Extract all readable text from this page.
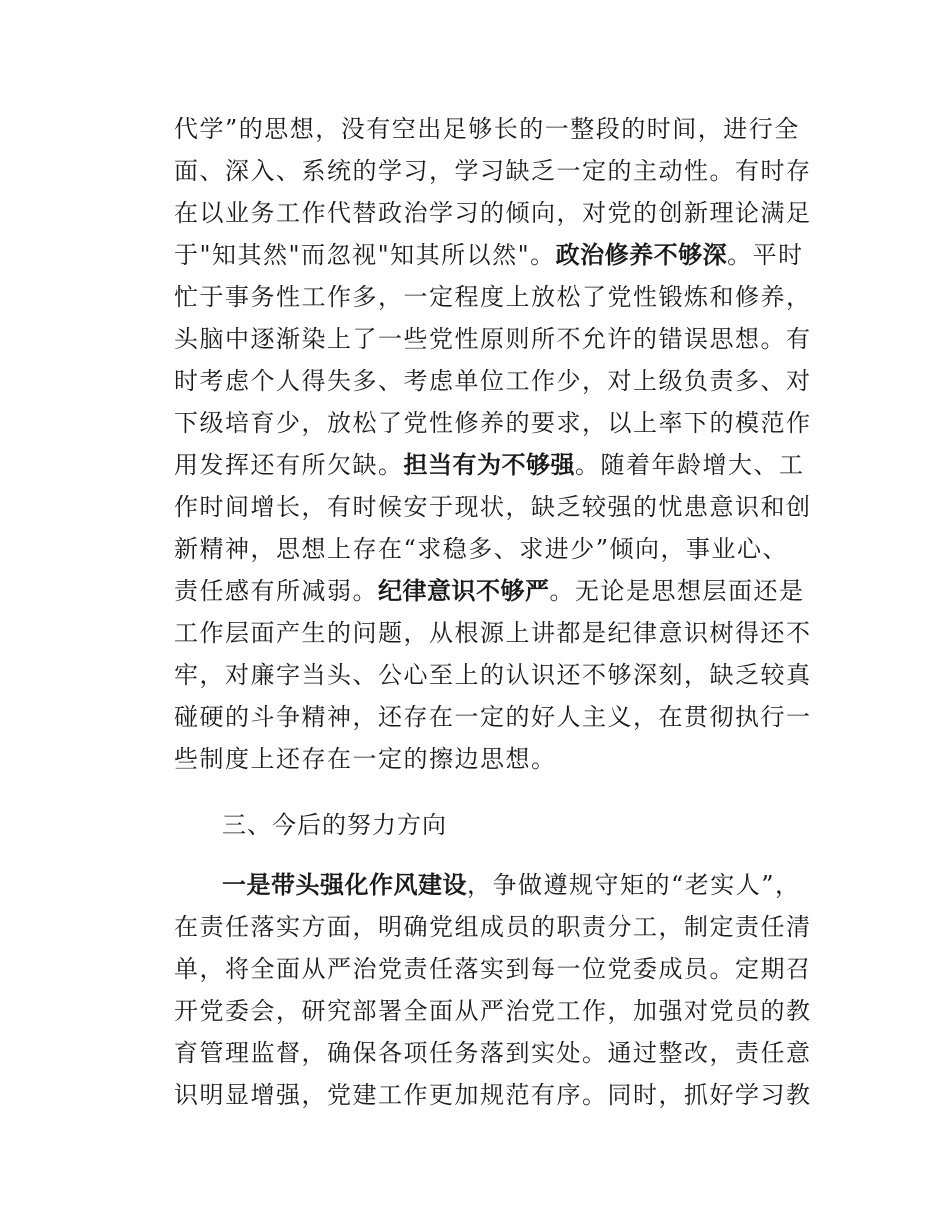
代学”的思想，没有空出足够长的一整段的时间，进行全
面、深入、系统的学习，学习缺乏一定的主动性。有时存
在以业务工作代替政治学习的倾向，对党的创新理论满足
于"知其然"而忽视"知其所以然"。政治修养不够深。平时
忙于事务性工作多，一定程度上放松了党性锻炼和修养，
头脑中逐渐染上了一些党性原则所不允许的错误思想。有
时考虑个人得失多、考虑单位工作少，对上级负责多、对
下级培育少，放松了党性修养的要求，以上率下的模范作
用发挥还有所欠缺。担当有为不够强。随着年龄增大、工
作时间增长，有时候安于现状，缺乏较强的忧患意识和创
新精神，思想上存在“求稳多、求进少”倾向，事业心、
责任感有所减弱。纪律意识不够严。无论是思想层面还是
工作层面产生的问题，从根源上讲都是纪律意识树得还不
牢，对廉字当头、公心至上的认识还不够深刻，缺乏较真
碰硬的斗争精神，还存在一定的好人主义，在贯彻执行一
些制度上还存在一定的擦边思想。
三、今后的努力方向
一是带头强化作风建设，争做遵规守矩的“老实人”，
在责任落实方面，明确党组成员的职责分工，制定责任清
单，将全面从严治党责任落实到每一位党委成员。定期召
开党委会，研究部署全面从严治党工作，加强对党员的教
育管理监督，确保各项任务落到实处。通过整改，责任意
识明显增强，党建工作更加规范有序。同时，抓好学习教
